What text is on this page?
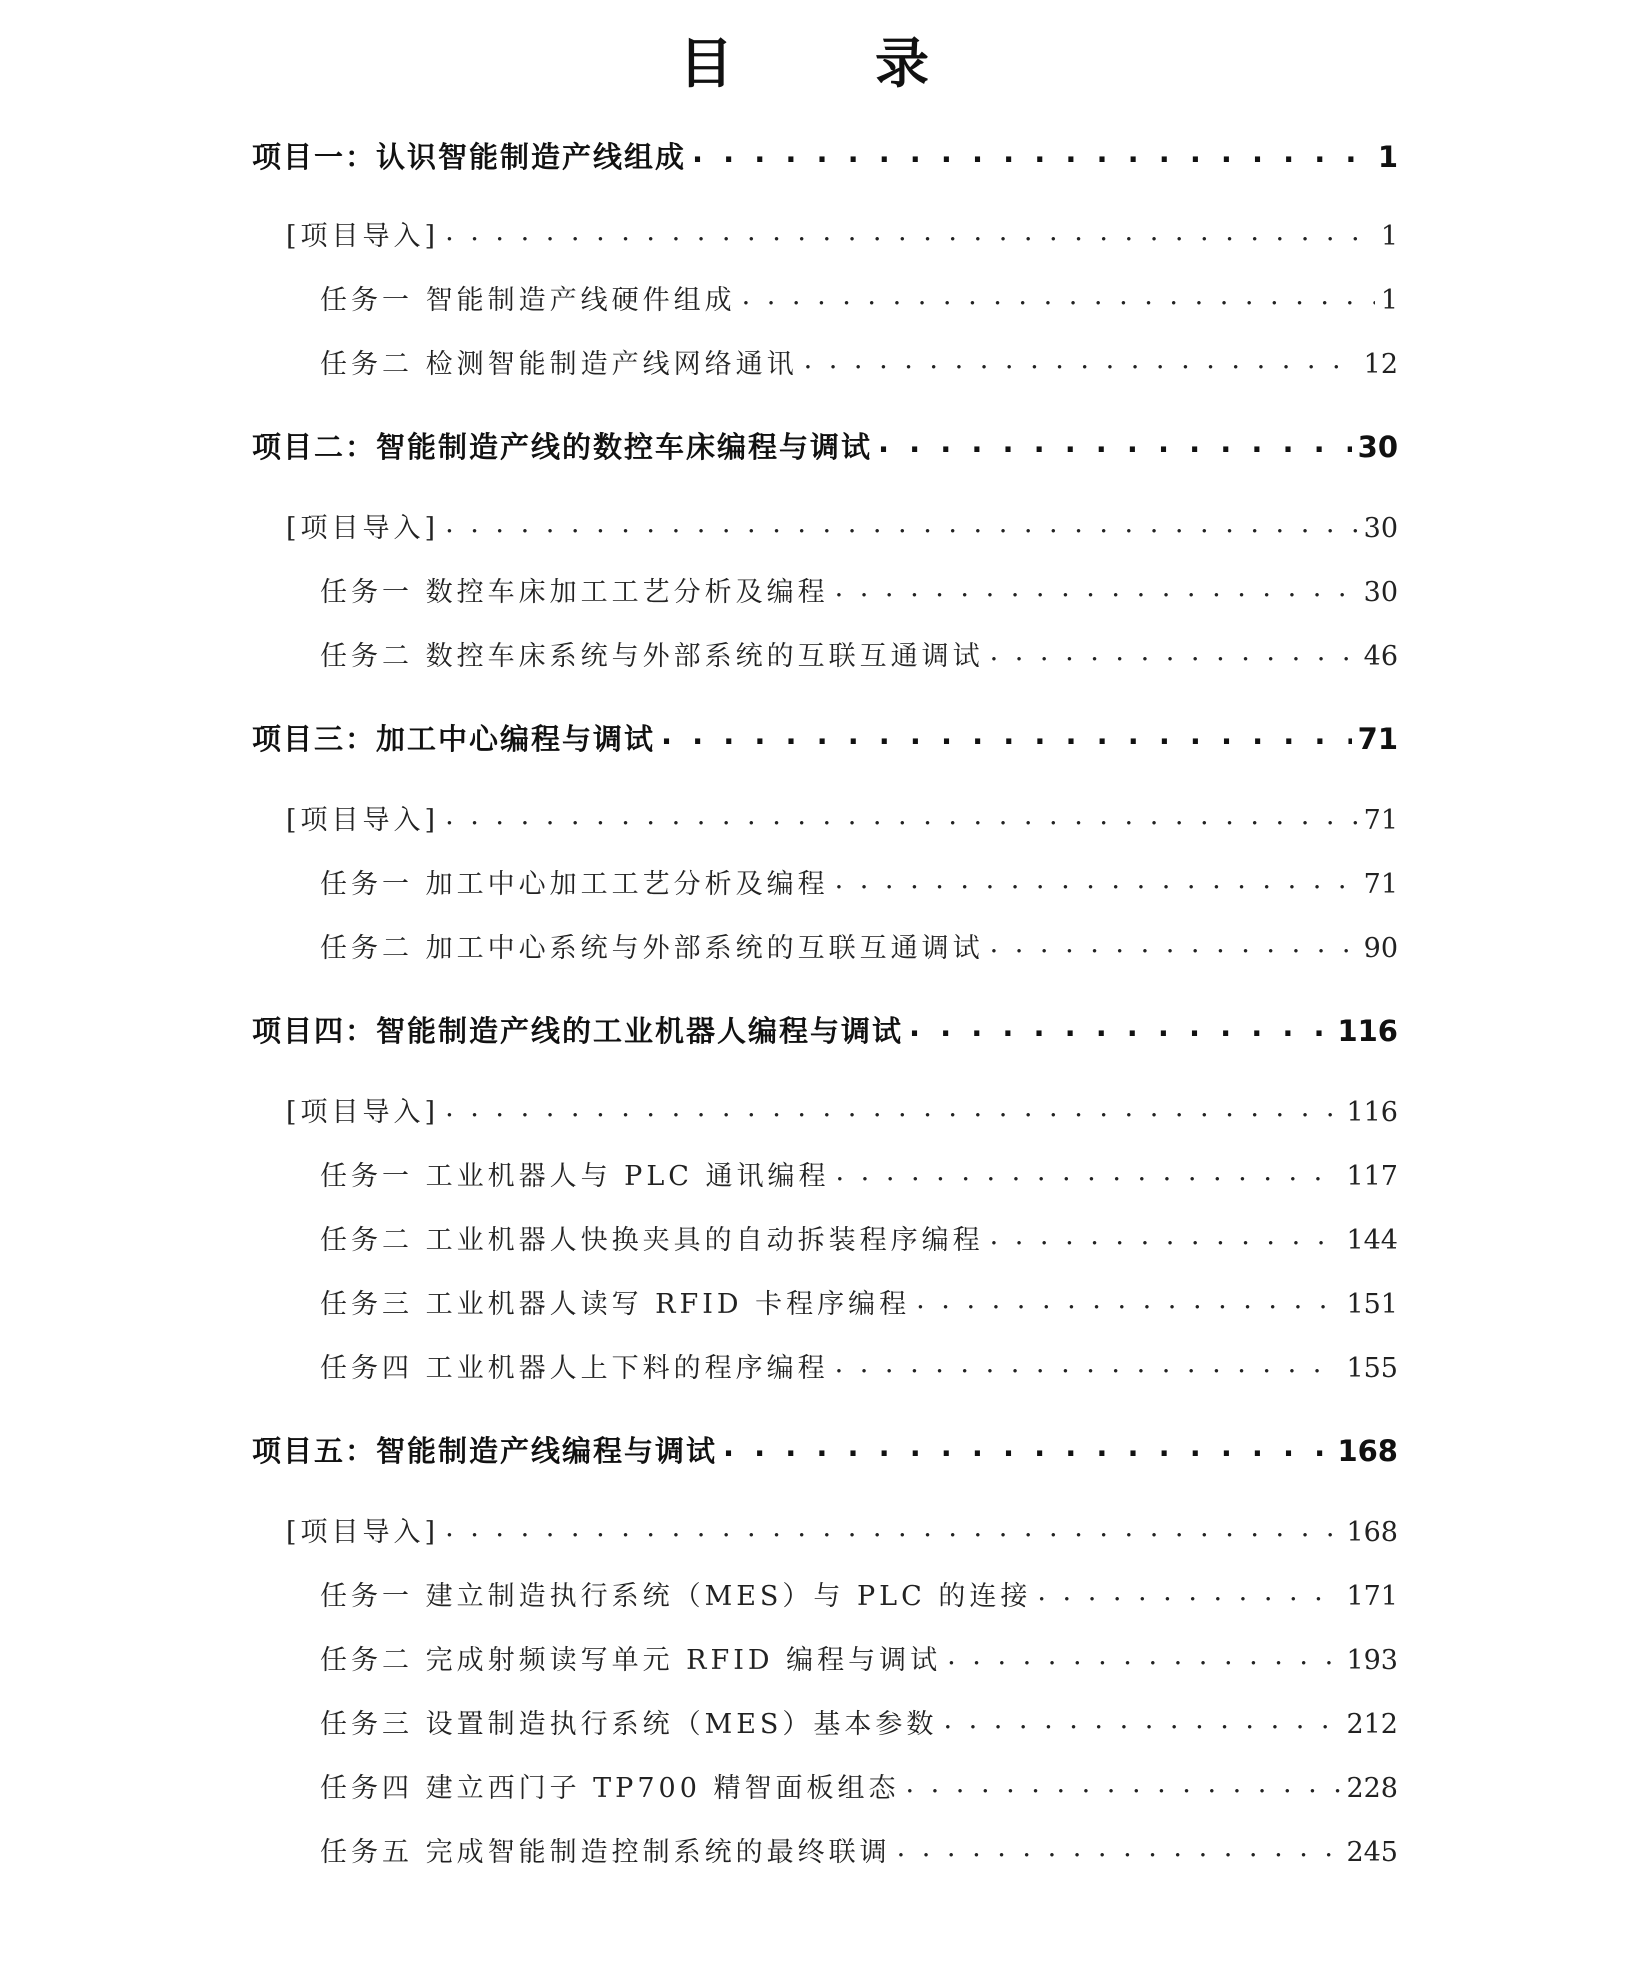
目　录
项目一：认识智能制造产线组成 . . .	1
[项目导入] . . .	1
任务一 智能制造产线硬件组成 . . .	1
任务二 检测智能制造产线网络通讯 . . .	12
项目二：智能制造产线的数控车床编程与调试 . . .	30
[项目导入] . . .	30
任务一 数控车床加工工艺分析及编程 . . .	30
任务二 数控车床系统与外部系统的互联互通调试 . . .	46
项目三：加工中心编程与调试 . . .	71
[项目导入] . . .	71
任务一 加工中心加工工艺分析及编程 . . .	71
任务二 加工中心系统与外部系统的互联互通调试 . . .	90
项目四：智能制造产线的工业机器人编程与调试 . . .	116
[项目导入] . . .	116
任务一 工业机器人与 PLC 通讯编程 . . .	117
任务二 工业机器人快换夹具的自动拆装程序编程 . . .	144
任务三 工业机器人读写 RFID 卡程序编程 . . .	151
任务四 工业机器人上下料的程序编程 . . .	155
项目五：智能制造产线编程与调试 . . .	168
[项目导入] . . .	168
任务一 建立制造执行系统（MES）与 PLC 的连接 . . .	171
任务二 完成射频读写单元 RFID 编程与调试 . . .	193
任务三 设置制造执行系统（MES）基本参数 . . .	212
任务四 建立西门子 TP700 精智面板组态 . . .	228
任务五 完成智能制造控制系统的最终联调 . . .	245
